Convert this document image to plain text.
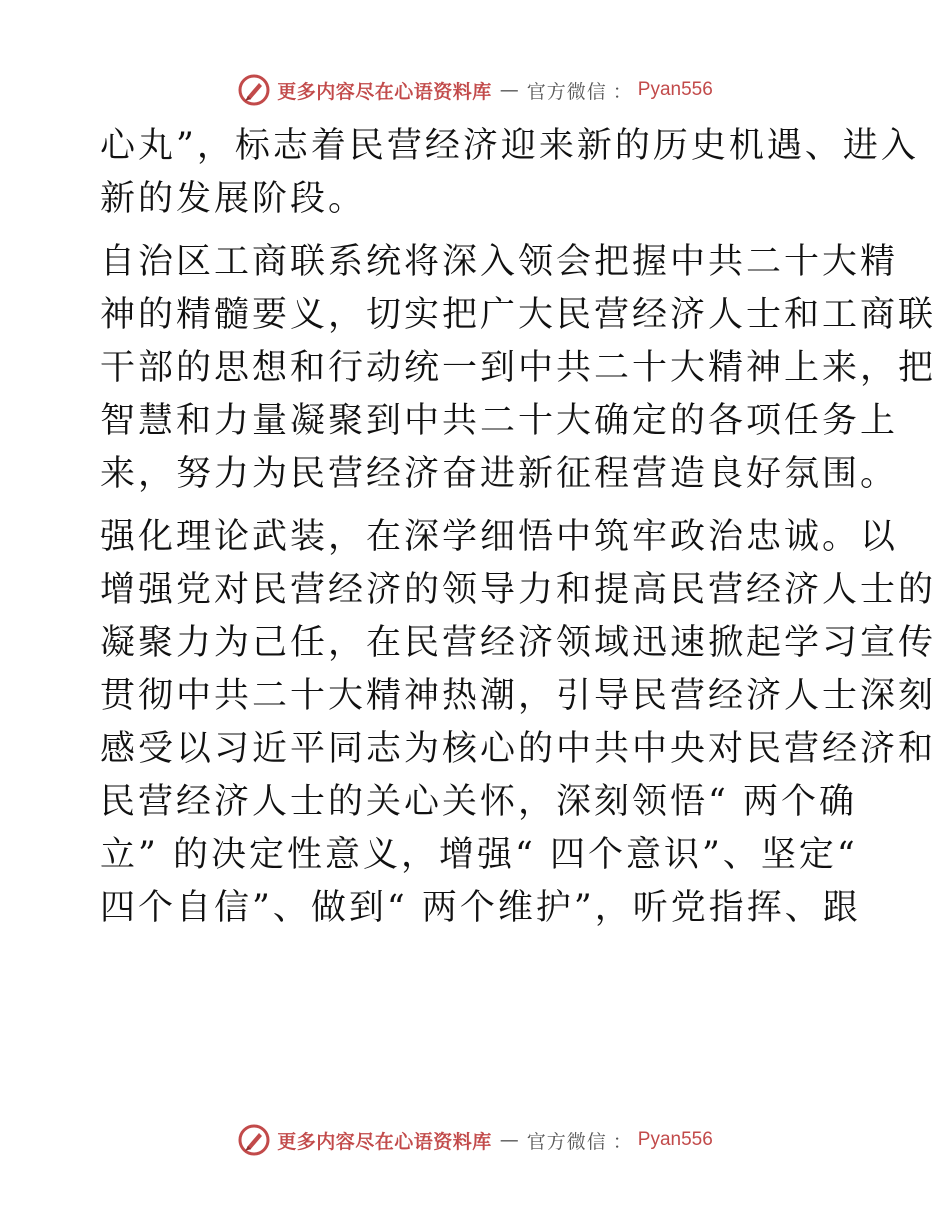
更多内容尽在心语资料库 — 官方微信 ： Pyan556
心丸”，标志着民营经济迎来新的历史机遇、进入
新的发展阶段。
自治区工商联系统将深入领会把握中共二十大精
神的精髓要义，切实把广大民营经济人士和工商联
干部的思想和行动统一到中共二十大精神上来，把
智慧和力量凝聚到中共二十大确定的各项任务上
来，努力为民营经济奋进新征程营造良好氛围。
强化理论武装，在深学细悟中筑牢政治忠诚。以
增强党对民营经济的领导力和提高民营经济人士的
凝聚力为己任，在民营经济领域迅速掀起学习宣传
贯彻中共二十大精神热潮，引导民营经济人士深刻
感受以习近平同志为核心的中共中央对民营经济和
民营经济人士的关心关怀，深刻领悟“ 两个确
立” 的决定性意义，增强“ 四个意识”、坚定“
四个自信”、做到“ 两个维护”，听党指挥、跟
更多内容尽在心语资料库 — 官方微信 ： Pyan556
